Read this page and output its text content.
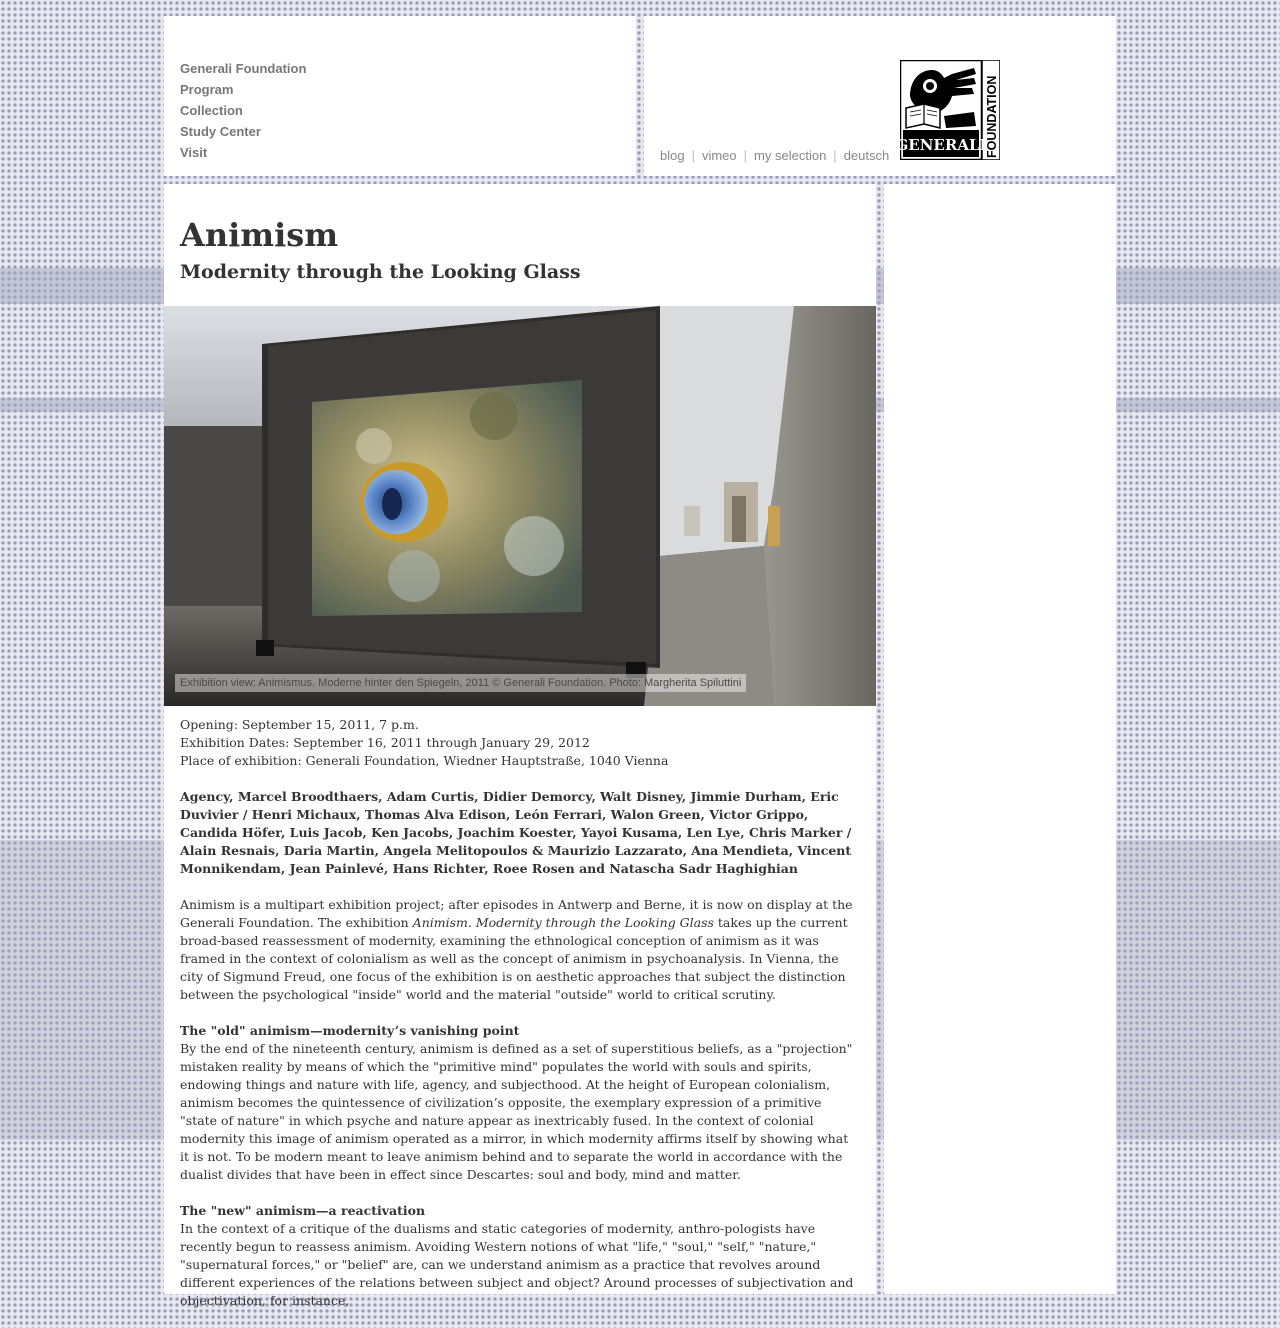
Generali Foundation
Program
Collection
Study Center
Visit	blog | vimeo | my selection | deutsch
GENERALI
FOUNDATION
Animism
Modernity through the Looking Glass
Exhibition view: Animismus. Moderne hinter den Spiegeln, 2011 © Generali Foundation. Photo: Margherita Spiluttini

Opening: September 15, 2011, 7 p.m.
Exhibition Dates: September 16, 2011 through January 29, 2012
Place of exhibition: Generali Foundation, Wiedner Hauptstraße, 1040 Vienna

Agency, Marcel Broodthaers, Adam Curtis, Didier Demorcy, Walt Disney, Jimmie Durham, Eric Duvivier / Henri Michaux, Thomas Alva Edison, León Ferrari, Walon Green, Victor Grippo, Candida Höfer, Luis Jacob, Ken Jacobs, Joachim Koester, Yayoi Kusama, Len Lye, Chris Marker / Alain Resnais, Daria Martin, Angela Melitopoulos & Maurizio Lazzarato, Ana Mendieta, Vincent Monnikendam, Jean Painlevé, Hans Richter, Roee Rosen and Natascha Sadr Haghighian

Animism is a multipart exhibition project; after episodes in Antwerp and Berne, it is now on display at the Generali Foundation. The exhibition Animism. Modernity through the Looking Glass takes up the current broad-based reassessment of modernity, examining the ethnological conception of animism as it was framed in the context of colonialism as well as the concept of animism in psychoanalysis. In Vienna, the city of Sigmund Freud, one focus of the exhibition is on aesthetic approaches that subject the distinction between the psychological "inside" world and the material "outside" world to critical scrutiny.

The "old" animism—modernity’s vanishing point
By the end of the nineteenth century, animism is defined as a set of superstitious beliefs, as a "projection" mistaken reality by means of which the "primitive mind" populates the world with souls and spirits, endowing things and nature with life, agency, and subjecthood. At the height of European colonialism, animism becomes the quintessence of civilization’s opposite, the exemplary expression of a primitive "state of nature" in which psyche and nature appear as inextricably fused. In the context of colonial modernity this image of animism operated as a mirror, in which modernity affirms itself by showing what it is not. To be modern meant to leave animism behind and to separate the world in accordance with the dualist divides that have been in effect since Descartes: soul and body, mind and matter.

The "new" animism—a reactivation
In the context of a critique of the dualisms and static categories of modernity, anthro-pologists have recently begun to reassess animism. Avoiding Western notions of what "life," "soul," "self," "nature," "supernatural forces," or "belief" are, can we understand animism as a practice that revolves around different experiences of the relations between subject and object? Around processes of subjectivation and objectivation, for instance,
